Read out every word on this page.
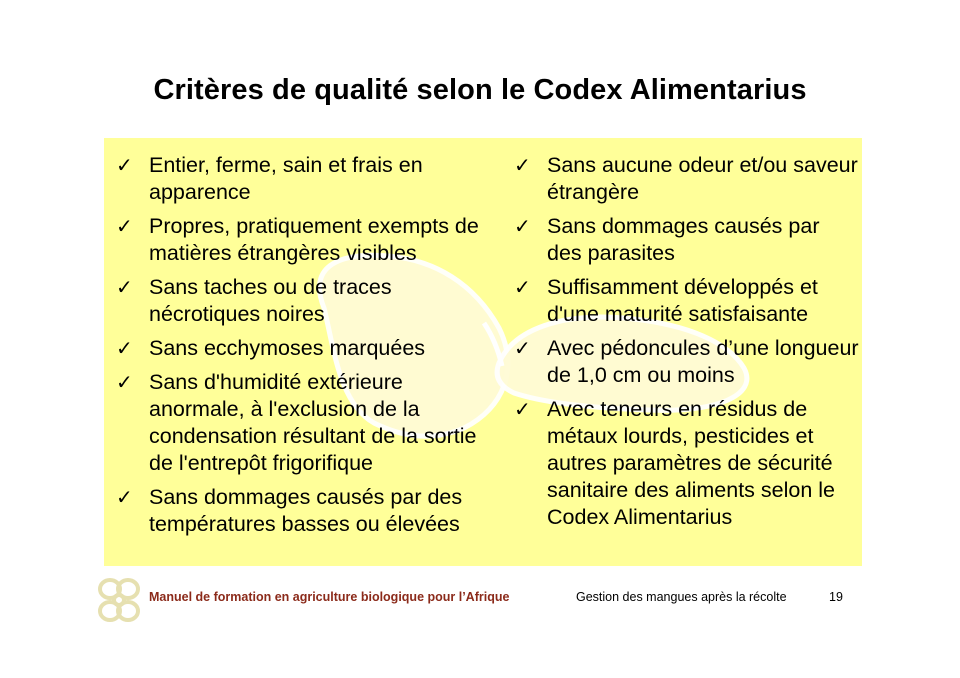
Critères de qualité selon le Codex Alimentarius
✓ Entier, ferme, sain et frais en apparence
✓ Propres, pratiquement exempts de matières étrangères visibles
✓ Sans taches ou de traces nécrotiques noires
✓ Sans ecchymoses marquées
✓ Sans d'humidité extérieure anormale, à l'exclusion de la condensation résultant de la sortie de l'entrepôt frigorifique
✓ Sans dommages causés par des températures basses ou élevées
✓ Sans aucune odeur et/ou saveur étrangère
✓ Sans dommages causés par des parasites
✓ Suffisamment développés et d'une maturité satisfaisante
✓ Avec pédoncules d’une longueur de 1,0 cm ou moins
✓ Avec teneurs en résidus de métaux lourds, pesticides et autres paramètres de sécurité sanitaire des aliments selon le Codex Alimentarius
Manuel de formation en agriculture biologique pour l’Afrique	Gestion des mangues après la récolte	19
